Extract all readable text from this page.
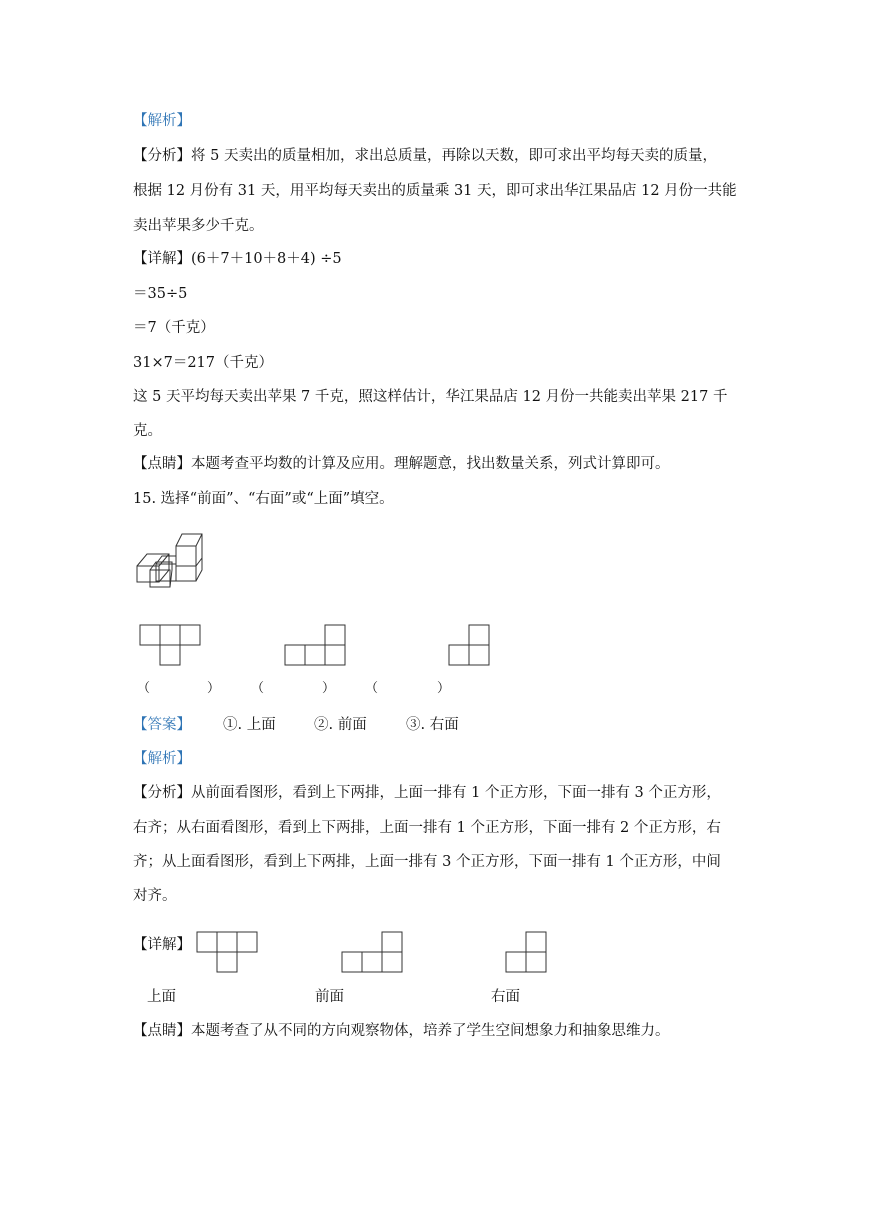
【解析】
【分析】将 5 天卖出的质量相加，求出总质量，再除以天数，即可求出平均每天卖的质量，
根据 12 月份有 31 天，用平均每天卖出的质量乘 31 天，即可求出华江果品店 12 月份一共能
卖出苹果多少千克。
【详解】(6＋7＋10＋8＋4) ÷5
＝35÷5
＝7（千克）
31×7＝217（千克）
这 5 天平均每天卖出苹果 7 千克，照这样估计，华江果品店 12 月份一共能卖出苹果 217 千
克。
【点睛】本题考查平均数的计算及应用。理解题意，找出数量关系，列式计算即可。
15. 选择“前面”、“右面”或“上面”填空。
（	） （	） （	）
【答案】 ①. 上面	②. 前面	③. 右面
【解析】
【分析】从前面看图形，看到上下两排，上面一排有 1 个正方形，下面一排有 3 个正方形，
右齐；从右面看图形，看到上下两排，上面一排有 1 个正方形，下面一排有 2 个正方形，右
齐；从上面看图形，看到上下两排，上面一排有 3 个正方形，下面一排有 1 个正方形，中间
对齐。
【详解】
上面	前面	右面
【点睛】本题考查了从不同的方向观察物体，培养了学生空间想象力和抽象思维力。
